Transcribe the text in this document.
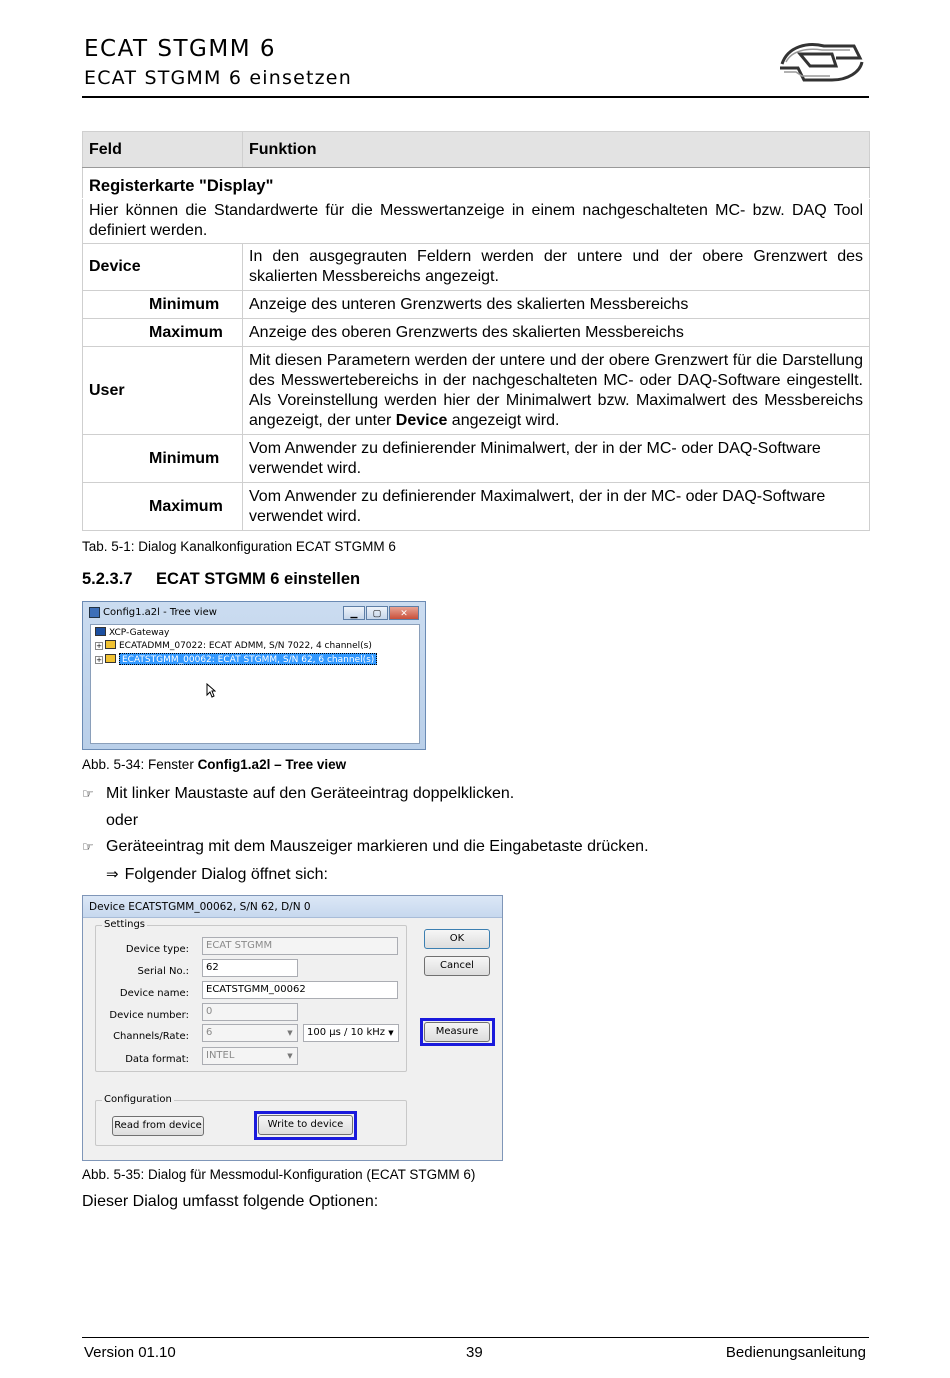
ECAT STGMM 6
ECAT STGMM 6 einsetzen
Feld	Funktion

Registerkarte "Display"	

Hier können die Standardwerte für die Messwertanzeige in einem nachgeschalteten MC- bzw. DAQ Tool definiert werden.	
Device	In den ausgegrauten Feldern werden der untere und der obere Grenzwert des skalierten Messbereichs angezeigt.
Minimum	Anzeige des unteren Grenzwerts des skalierten Messbereichs
Maximum	Anzeige des oberen Grenzwerts des skalierten Messbereichs
User	Mit diesen Parametern werden der untere und der obere Grenzwert für die Darstellung des Messwertebereichs in der nachgeschalteten MC- oder DAQ-Software eingestellt. Als Voreinstellung werden hier der Minimalwert bzw. Maximalwert des Messbereichs angezeigt, der unter Device angezeigt wird.
Minimum	Vom Anwender zu definierender Minimalwert, der in der MC- oder DAQ-Software verwendet wird.
Maximum	Vom Anwender zu definierender Maximalwert, der in der MC- oder DAQ-Software verwendet wird.
Tab. 5-1: Dialog Kanalkonfiguration ECAT STGMM 6
5.2.3.7 ECAT STGMM 6 einstellen
Config1.a2l - Tree view	▁	▢	✕
XCP-Gateway
+ ECATADMM_07022: ECAT ADMM, S/N 7022, 4 channel(s)
+ ECATSTGMM_00062: ECAT STGMM, S/N 62, 6 channel(s)
Abb. 5-34: Fenster Config1.a2l – Tree view
☞ Mit linker Maustaste auf den Geräteeintrag doppelklicken.
oder
☞ Geräteeintrag mit dem Mauszeiger markieren und die Eingabetaste drücken.
⇒ Folgender Dialog öffnet sich:
Device ECATSTGMM_00062, S/N 62, D/N 0
Settings
Device type:	ECAT STGMM
Serial No.:	62
Device name:	ECATSTGMM_00062
Device number:	0
Channels/Rate:	6	▼	100 µs / 10 kHz ▼
Data format:	INTEL	▼
OK
Cancel
Measure
Configuration
Read from device	Write to device
Abb. 5-35: Dialog für Messmodul-Konfiguration (ECAT STGMM 6)
Dieser Dialog umfasst folgende Optionen:
Version 01.10	39	Bedienungsanleitung
